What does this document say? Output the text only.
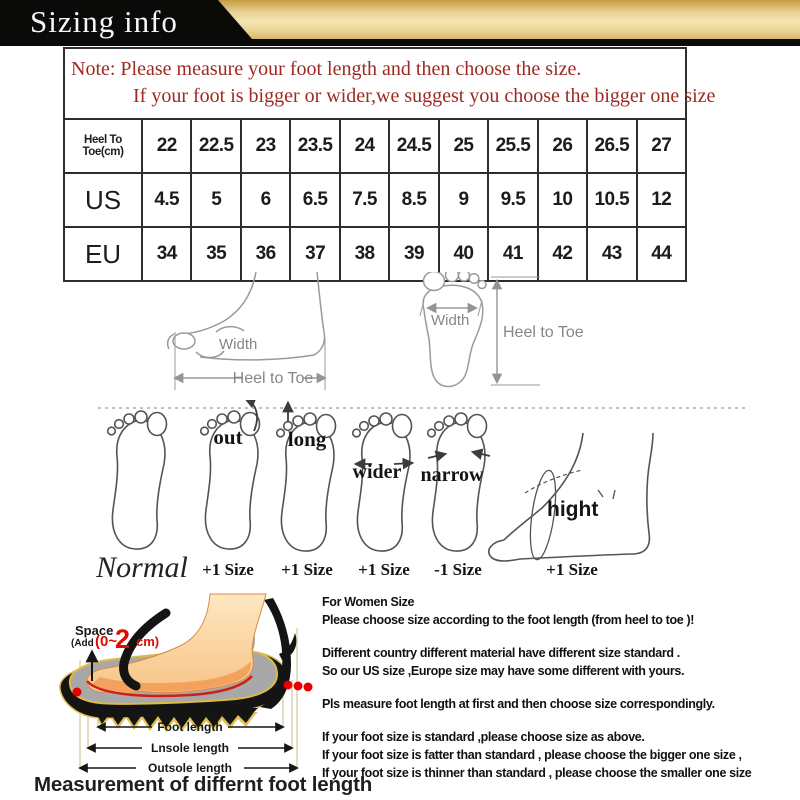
Sizing info
Note: Please measure your foot length and then choose the size.
If your foot is bigger or wider,we suggest you choose the bigger one size
Heel To Toe(cm)	22	22.5	23	23.5	24	24.5	25	25.5	26	26.5	27
US	4.5	5	6	6.5	7.5	8.5	9	9.5	10	10.5	12
EU	34	35	36	37	38	39	40	41	42	43	44
Width
Heel to Toe
Width
Heel to Toe
out long
wider narrow
hight
Normal +1 Size +1 Size +1 Size -1 Size	+1 Size
Space
(Add (0~
2 cm)
Foot length
Lnsole length
Outsole length
For Women Size
Please choose size according to the foot length (from heel to toe )!
Different country different material have different size standard .
So our US size ,Europe size may have some different with yours.
Pls measure foot length at first and then choose size correspondingly.
If your foot size is standard ,please choose size as above.
If your foot size is fatter than standard , please choose the bigger one size ,
If your foot size is thinner than standard , please choose the smaller one size
Measurement of differnt foot length
